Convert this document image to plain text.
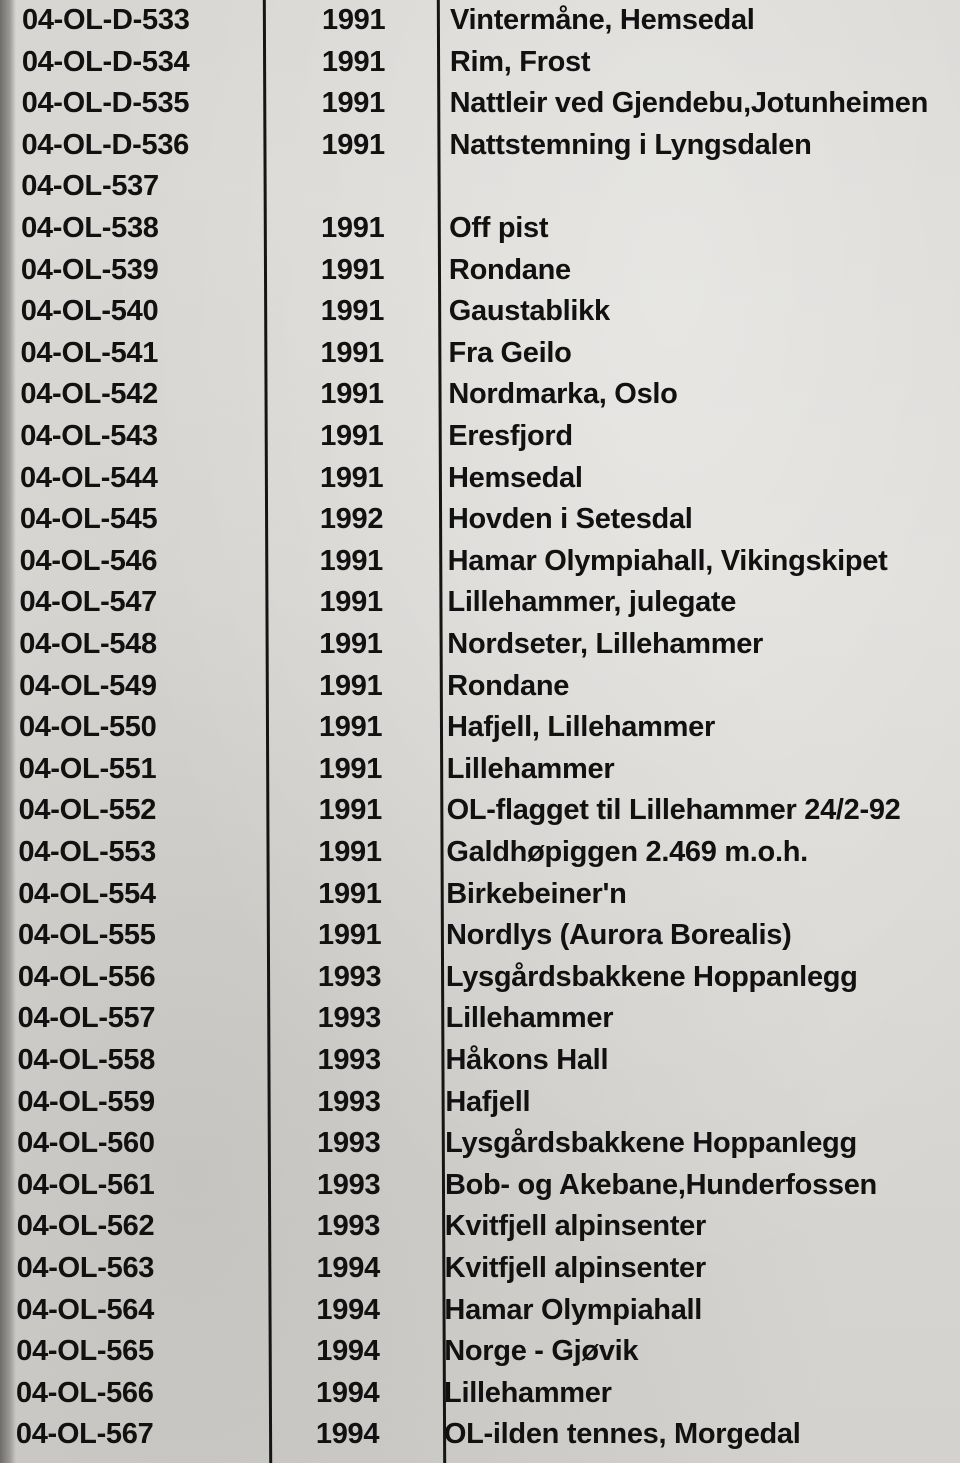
04-OL-D-533	1991 Vintermåne, Hemsedal
04-OL-D-534	1991 Rim, Frost
04-OL-D-535	1991 Nattleir ved Gjendebu,Jotunheimen
04-OL-D-536	1991 Nattstemning i Lyngsdalen
04-OL-537
04-OL-538	1991 Off pist
04-OL-539	1991 Rondane
04-OL-540	1991 Gaustablikk
04-OL-541	1991 Fra Geilo
04-OL-542	1991 Nordmarka, Oslo
04-OL-543	1991 Eresfjord
04-OL-544	1991 Hemsedal
04-OL-545	1992 Hovden i Setesdal
04-OL-546	1991 Hamar Olympiahall, Vikingskipet
04-OL-547	1991 Lillehammer, julegate
04-OL-548	1991 Nordseter, Lillehammer
04-OL-549	1991 Rondane
04-OL-550	1991 Hafjell, Lillehammer
04-OL-551	1991 Lillehammer
04-OL-552	1991 OL-flagget til Lillehammer 24/2-92
04-OL-553	1991 Galdhøpiggen 2.469 m.o.h.
04-OL-554	1991 Birkebeiner'n
04-OL-555	1991 Nordlys (Aurora Borealis)
04-OL-556	1993 Lysgårdsbakkene Hoppanlegg
04-OL-557	1993 Lillehammer
04-OL-558	1993 Håkons Hall
04-OL-559	1993 Hafjell
04-OL-560	1993 Lysgårdsbakkene Hoppanlegg
04-OL-561	1993 Bob- og Akebane,Hunderfossen
04-OL-562	1993 Kvitfjell alpinsenter
04-OL-563	1994 Kvitfjell alpinsenter
04-OL-564	1994 Hamar Olympiahall
04-OL-565	1994 Norge - Gjøvik
04-OL-566	1994 Lillehammer
04-OL-567	1994 OL-ilden tennes, Morgedal
